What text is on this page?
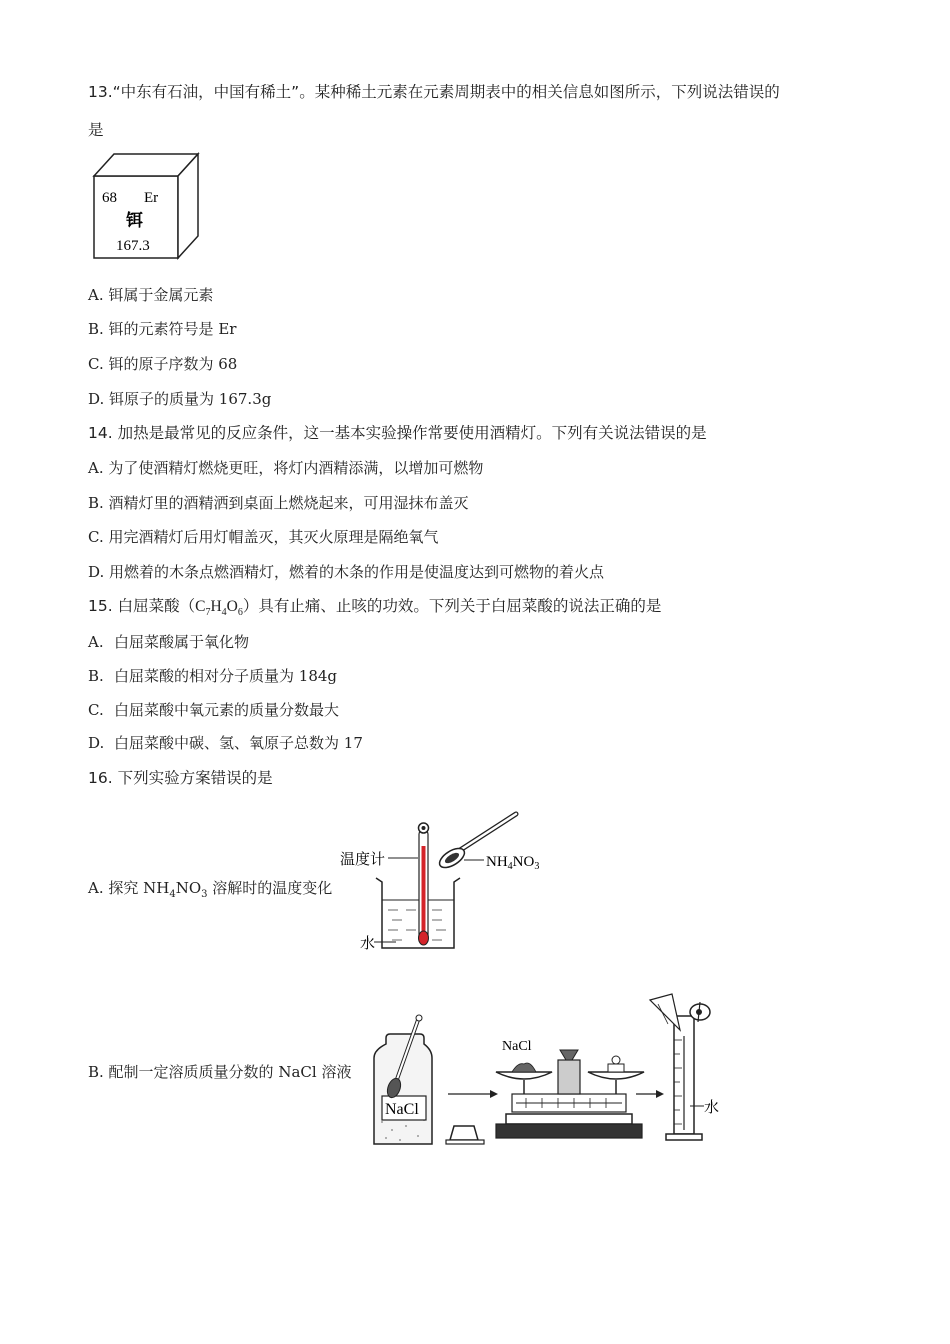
13.“中东有石油，中国有稀土”。某种稀土元素在元素周期表中的相关信息如图所示，下列说法错误的
是
68 Er
铒
167.3
A. 铒属于金属元素
B. 铒的元素符号是 Er
C. 铒的原子序数为 68
D. 铒原子的质量为 167.3g
14. 加热是最常见的反应条件，这一基本实验操作常要使用酒精灯。下列有关说法错误的是
A. 为了使酒精灯燃烧更旺，将灯内酒精添满，以增加可燃物
B. 酒精灯里的酒精洒到桌面上燃烧起来，可用湿抹布盖灭
C. 用完酒精灯后用灯帽盖灭，其灭火原理是隔绝氧气
D. 用燃着的木条点燃酒精灯，燃着的木条的作用是使温度达到可燃物的着火点
15. 白屈菜酸$(C_7H_4O_6)$具有止痛、止咳的功效。下列关于白屈菜酸的说法正确的是
A. 白屈菜酸属于氧化物
B. 白屈菜酸的相对分子质量为 184g
C. 白屈菜酸中氧元素的质量分数最大
D. 白屈菜酸中碳、氢、氧原子总数为 17
16. 下列实验方案错误的是
A. 探究 $NH_4NO_3$ 溶解时的温度变化
温度计
水
$NH_4NO_3$
B. 配制一定溶质质量分数的 NaCl 溶液
NaCl
NaCl
水
